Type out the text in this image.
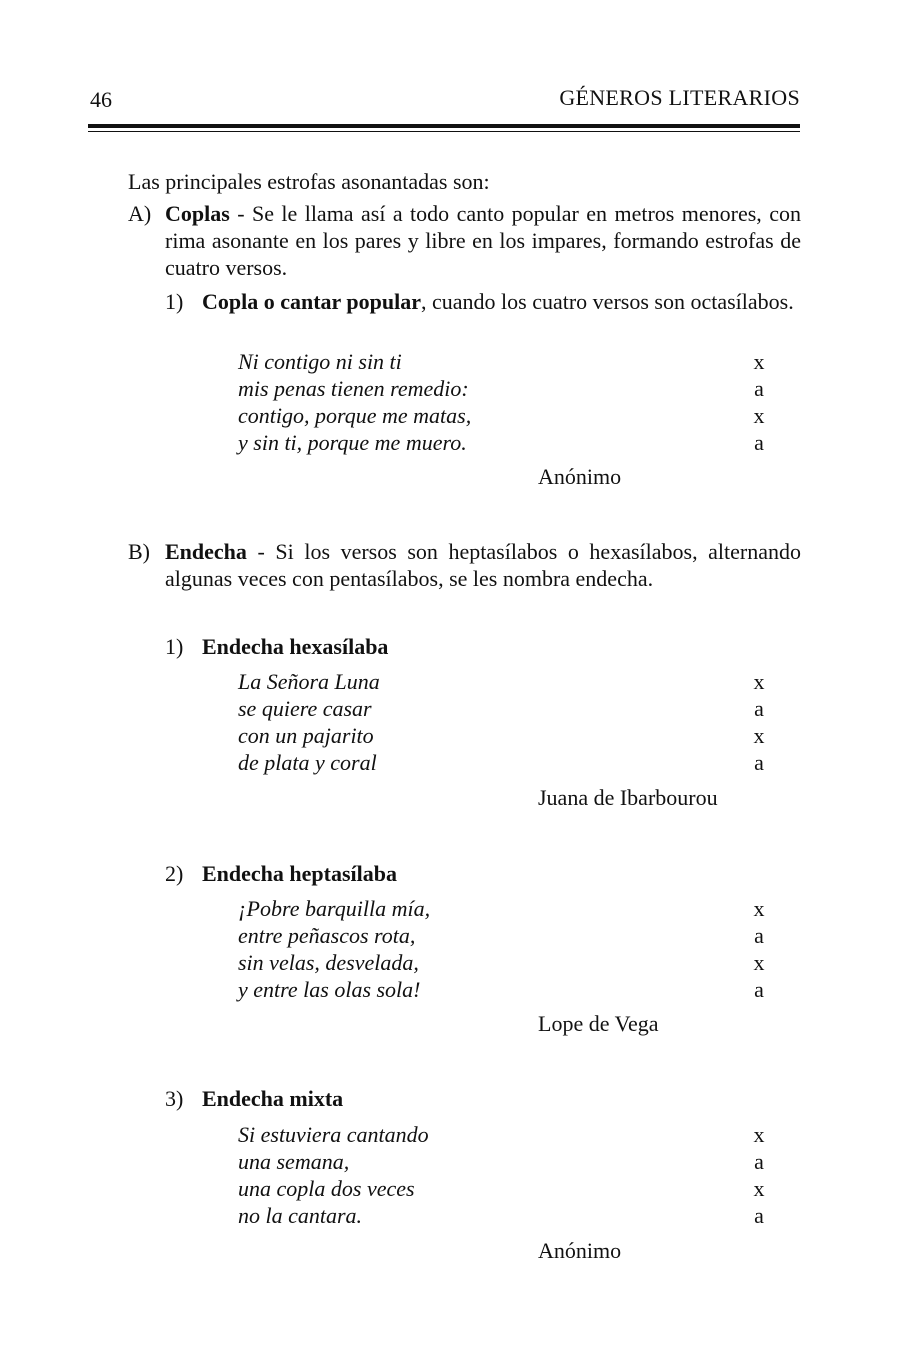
46	GÉNEROS LITERARIOS
Las principales estrofas asonantadas son:
A) Coplas - Se le llama así a todo canto popular en metros menores, con rima asonante en los pares y libre en los impares, formando estrofas de cuatro versos.
1) Copla o cantar popular, cuando los cuatro versos son octasílabos.
Ni contigo ni sin ti	x
mis penas tienen remedio:	a
contigo, porque me matas,	x
y sin ti, porque me muero.	a
Anónimo
B) Endecha - Si los versos son heptasílabos o hexasílabos, alternando algunas veces con pentasílabos, se les nombra endecha.
1) Endecha hexasílaba
La Señora Luna	x
se quiere casar	a
con un pajarito	x
de plata y coral	a
Juana de Ibarbourou
2) Endecha heptasílaba
¡Pobre barquilla mía,	x
entre peñascos rota,	a
sin velas, desvelada,	x
y entre las olas sola!	a
Lope de Vega
3) Endecha mixta
Si estuviera cantando	x
una semana,	a
una copla dos veces	x
no la cantara.	a
Anónimo
